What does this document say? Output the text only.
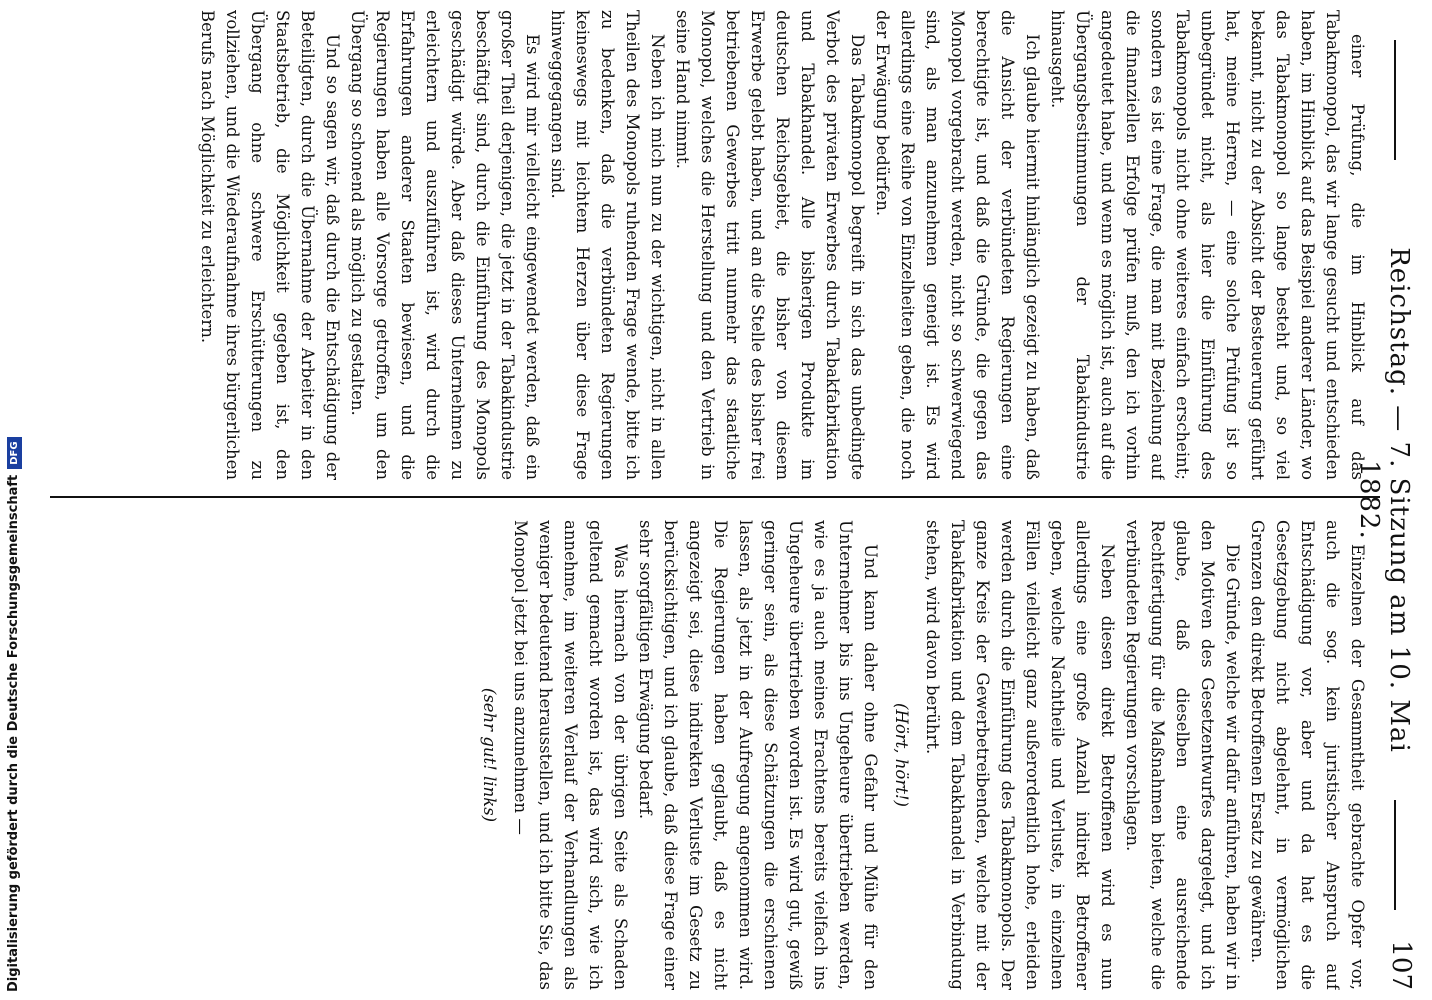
Digitalisierung gefördert durch die Deutsche ForschungsgemeinschaftDFG	Reichstag. — 7. Sitzung am 10. Mai 1882.
107

einer Prüfung, die im Hinblick auf das Tabakmonopol, das wir lange gesucht und entschieden haben, im Hinblick auf das Beispiel anderer Länder, wo das Tabakmonopol so lange besteht und, so viel bekannt, nicht zu der Absicht der Besteuerung geführt hat, meine Herren, — eine solche Prüfung ist so unbegründet nicht, als hier die Einführung des Tabakmonopols nicht ohne weiteres einfach erscheint; sondern es ist eine Frage, die man mit Beziehung auf die finanziellen Erfolge prüfen muß, den ich vorhin angedeutet habe, und wenn es möglich ist, auch auf die Übergangsbestimmungen der Tabakindustrie hinausgeht.

Ich glaube hiermit hinlänglich gezeigt zu haben, daß die Ansicht der verbündeten Regierungen eine berechtigte ist, und daß die Gründe, die gegen das Monopol vorgebracht werden, nicht so schwerwiegend sind, als man anzunehmen geneigt ist. Es wird allerdings eine Reihe von Einzelheiten geben, die noch der Erwägung bedürfen.

Das Tabakmonopol begreift in sich das unbedingte Verbot des privaten Erwerbes durch Tabakfabrikation und Tabakhandel. Alle bisherigen Produkte im deutschen Reichsgebiet, die bisher von diesem Erwerbe gelebt haben, und an die Stelle des bisher frei betriebenen Gewerbes tritt nunmehr das staatliche Monopol, welches die Herstellung und den Vertrieb in seine Hand nimmt.

Neben ich mich nun zu der wichtigen, nicht in allen Theilen des Monopols ruhenden Frage wende, bitte ich zu bedenken, daß die verbündeten Regierungen keineswegs mit leichtem Herzen über diese Frage hinweggegangen sind.

Es wird mir vielleicht eingewendet werden, daß ein großer Theil derjenigen, die jetzt in der Tabakindustrie beschäftigt sind, durch die Einführung des Monopols geschädigt würde. Aber daß dieses Unternehmen zu erleichtern und auszuführen ist, wird durch die Erfahrungen anderer Staaten bewiesen, und die Regierungen haben alle Vorsorge getroffen, um den Übergang so schonend als möglich zu gestalten.

Und so sagen wir, daß durch die Entschädigung der Beteiligten, durch die Übernahme der Arbeiter in den Staatsbetrieb, die Möglichkeit gegeben ist, den Übergang ohne schwere Erschütterungen zu vollziehen, und die Wiederaufnahme ihres bürgerlichen Berufs nach Möglichkeit zu erleichtern.

Einzelnen der Gesammtheit gebrachte Opfer vor, auch die sog. kein juristischer Anspruch auf Entschädigung vor, aber und da hat es die Gesetzgebung nicht abgelehnt, in vermöglichen Grenzen den direkt Betroffenen Ersatz zu gewähren.

Die Gründe, welche wir dafür anführen, haben wir in den Motiven des Gesetzentwurfes dargelegt, und ich glaube, daß dieselben eine ausreichende Rechtfertigung für die Maßnahmen bieten, welche die verbündeten Regierungen vorschlagen.

Neben diesen direkt Betroffenen wird es nun allerdings eine große Anzahl indirekt Betroffener geben, welche Nachtheile und Verluste, in einzelnen Fällen vielleicht ganz außerordentlich hohe, erleiden werden durch die Einführung des Tabakmonopols. Der ganze Kreis der Gewerbetreibenden, welche mit der Tabakfabrikation und dem Tabakhandel in Verbindung stehen, wird davon berührt.

(Hört, hört!)

Und kann daher ohne Gefahr und Mühe für den Unternehmer bis ins Ungeheure übertrieben werden, wie es ja auch meines Erachtens bereits vielfach ins Ungeheure übertrieben worden ist. Es wird gut, gewiß geringer sein, als diese Schätzungen die erschienen lassen, als jetzt in der Aufregung angenommen wird. Die Regierungen haben geglaubt, daß es nicht angezeigt sei, diese indirekten Verluste im Gesetz zu berücksichtigen, und ich glaube, daß diese Frage einer sehr sorgfältigen Erwägung bedarf.

Was hiernach von der übrigen Seite als Schaden geltend gemacht worden ist, das wird sich, wie ich annehme, im weiteren Verlauf der Verhandlungen als weniger bedeutend herausstellen, und ich bitte Sie, das Monopol jetzt bei uns anzunehmen —

(sehr gut! links)
